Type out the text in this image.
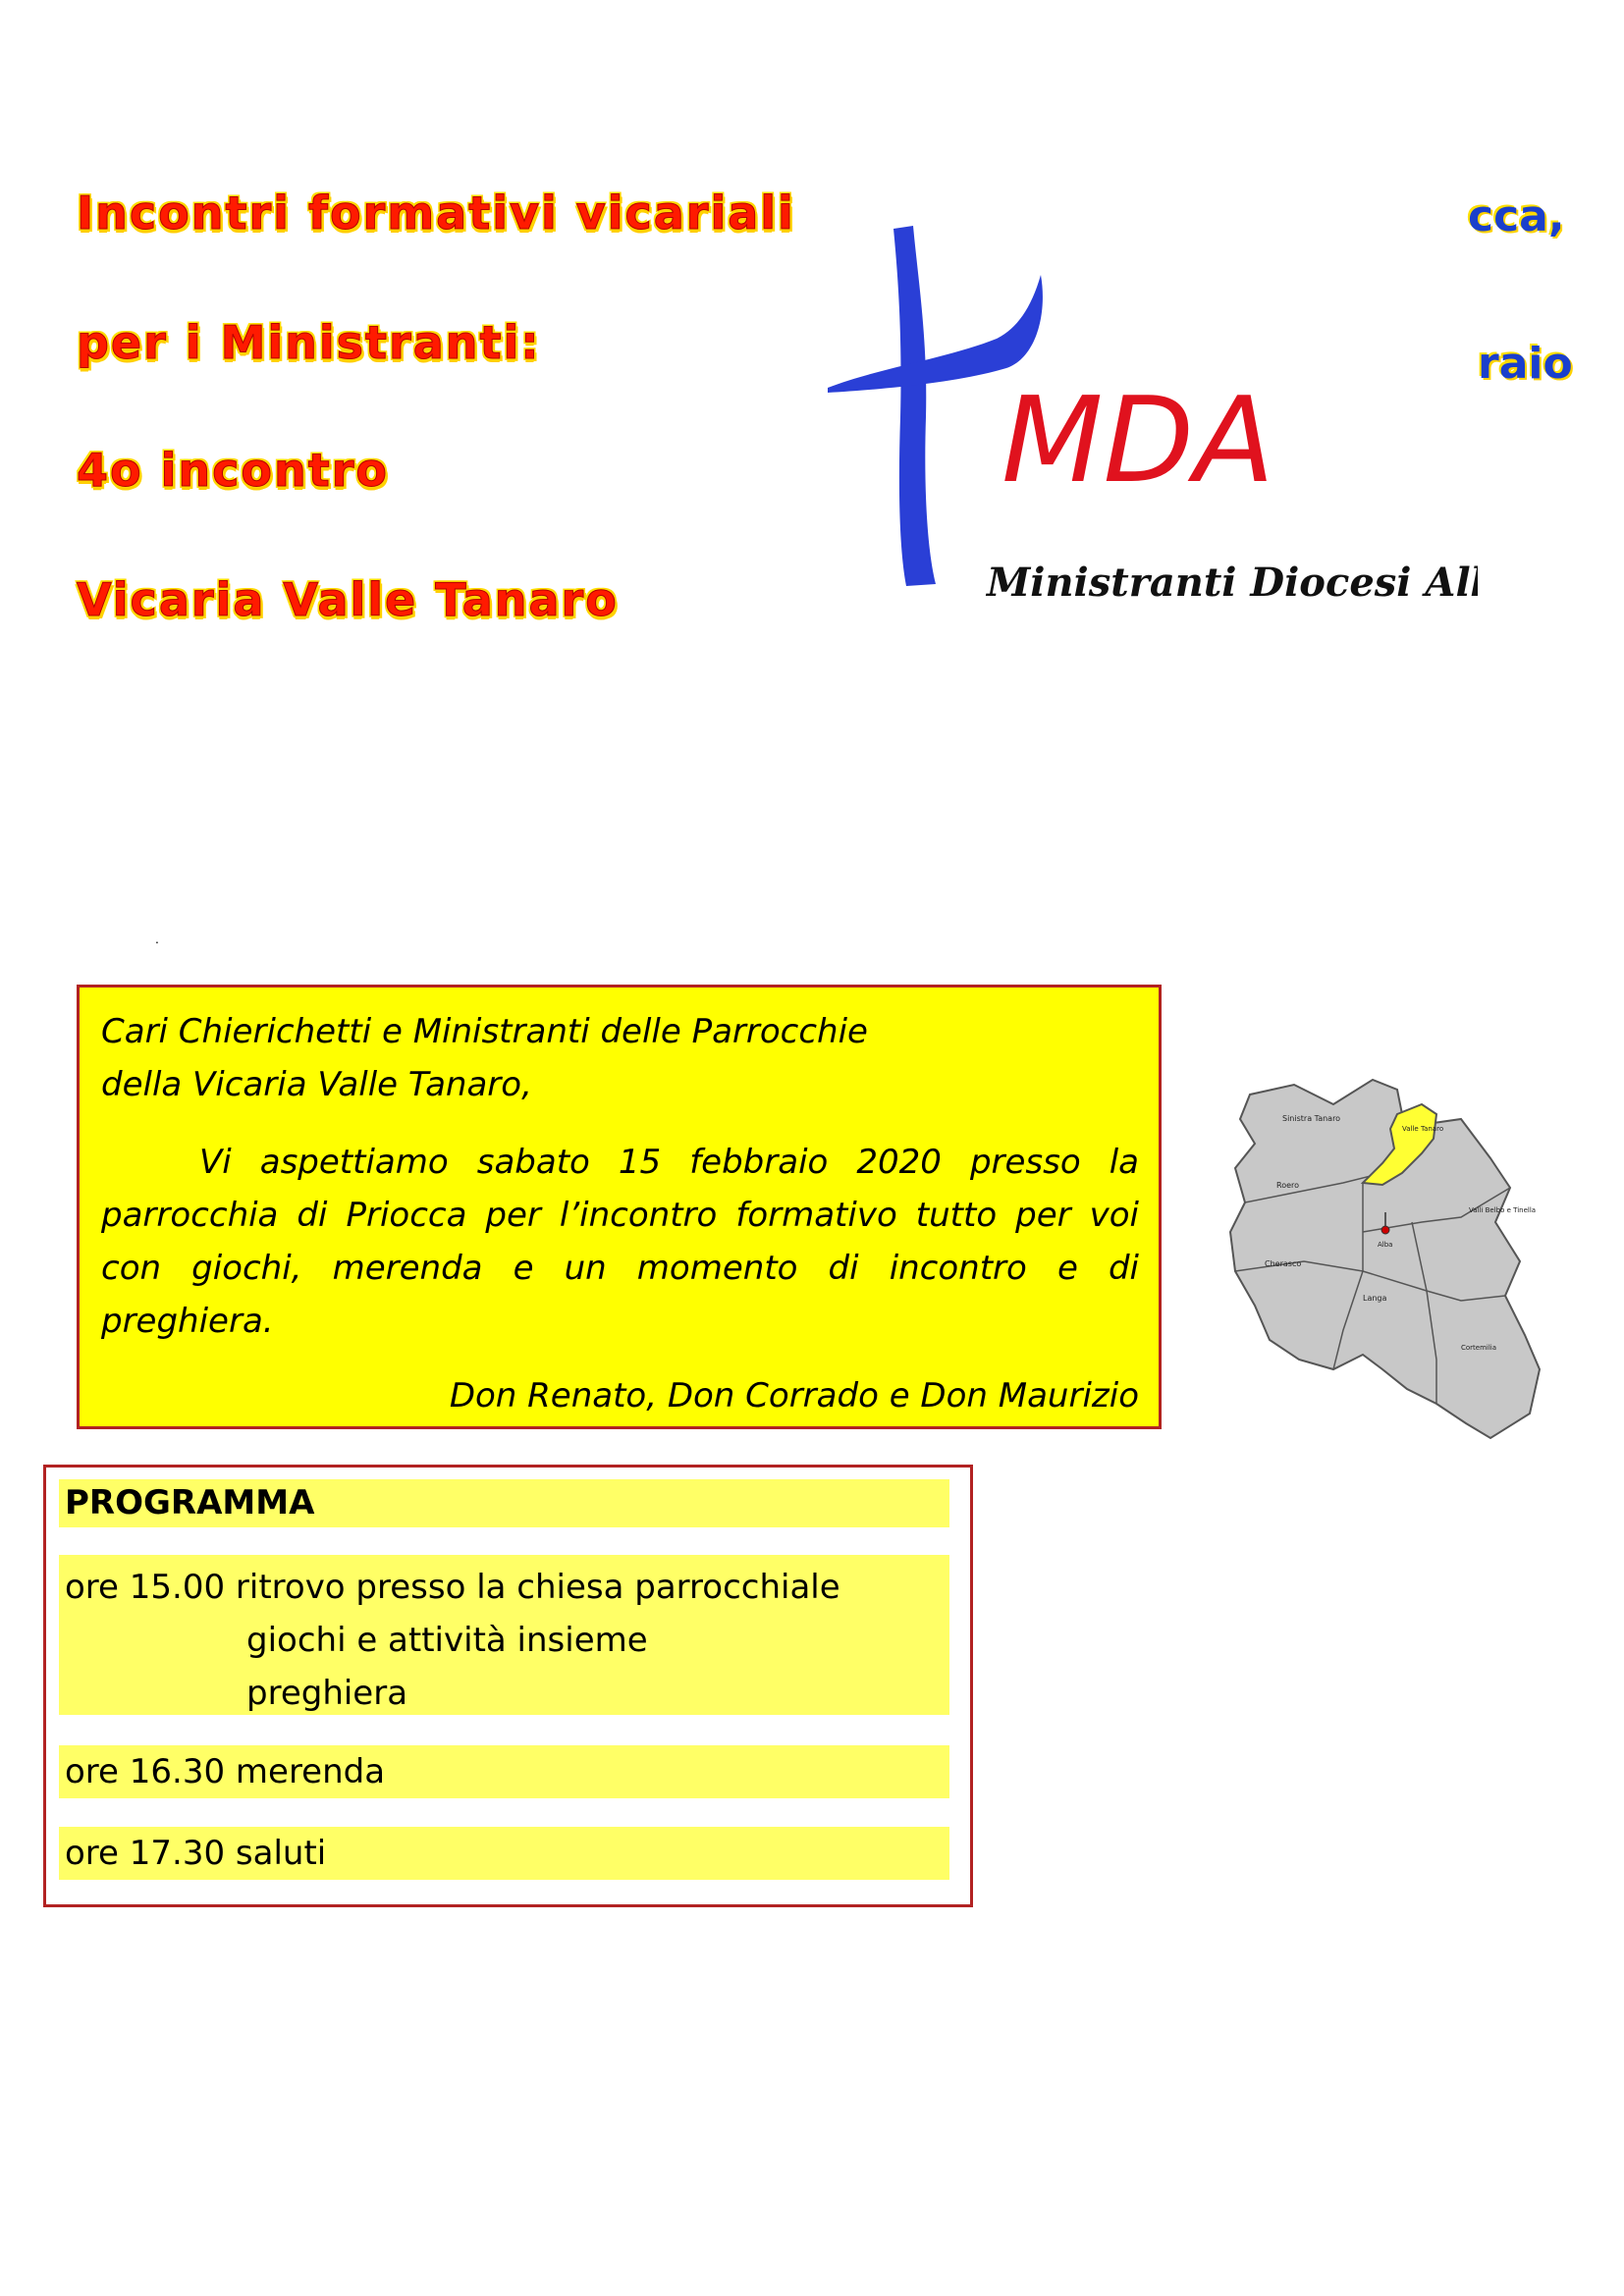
Incontri formativi vicariali
per i Ministranti:
4o incontro
Vicaria Valle Tanaro
cca,
raio
MDA
Ministranti Diocesi Alba
.

Cari Chierichetti e Ministranti delle Parrocchie

della Vicaria Valle Tanaro,

Vi aspettiamo sabato 15 febbraio 2020 presso la parrocchia di Priocca per l’incontro formativo tutto per voi con giochi, merenda e un momento di incontro e di preghiera.

Don Renato, Don Corrado e Don Maurizio

Sinistra Tanaro
Valle Tanaro
Roero
Alba
Valli Belbo e Tinella
Cherasco
Langa
Cortemilia
PROGRAMMA
ore 15.00 ritrovo presso la chiesa parrocchiale
giochi e attività insieme
preghiera
ore 16.30 merenda
ore 17.30 saluti
